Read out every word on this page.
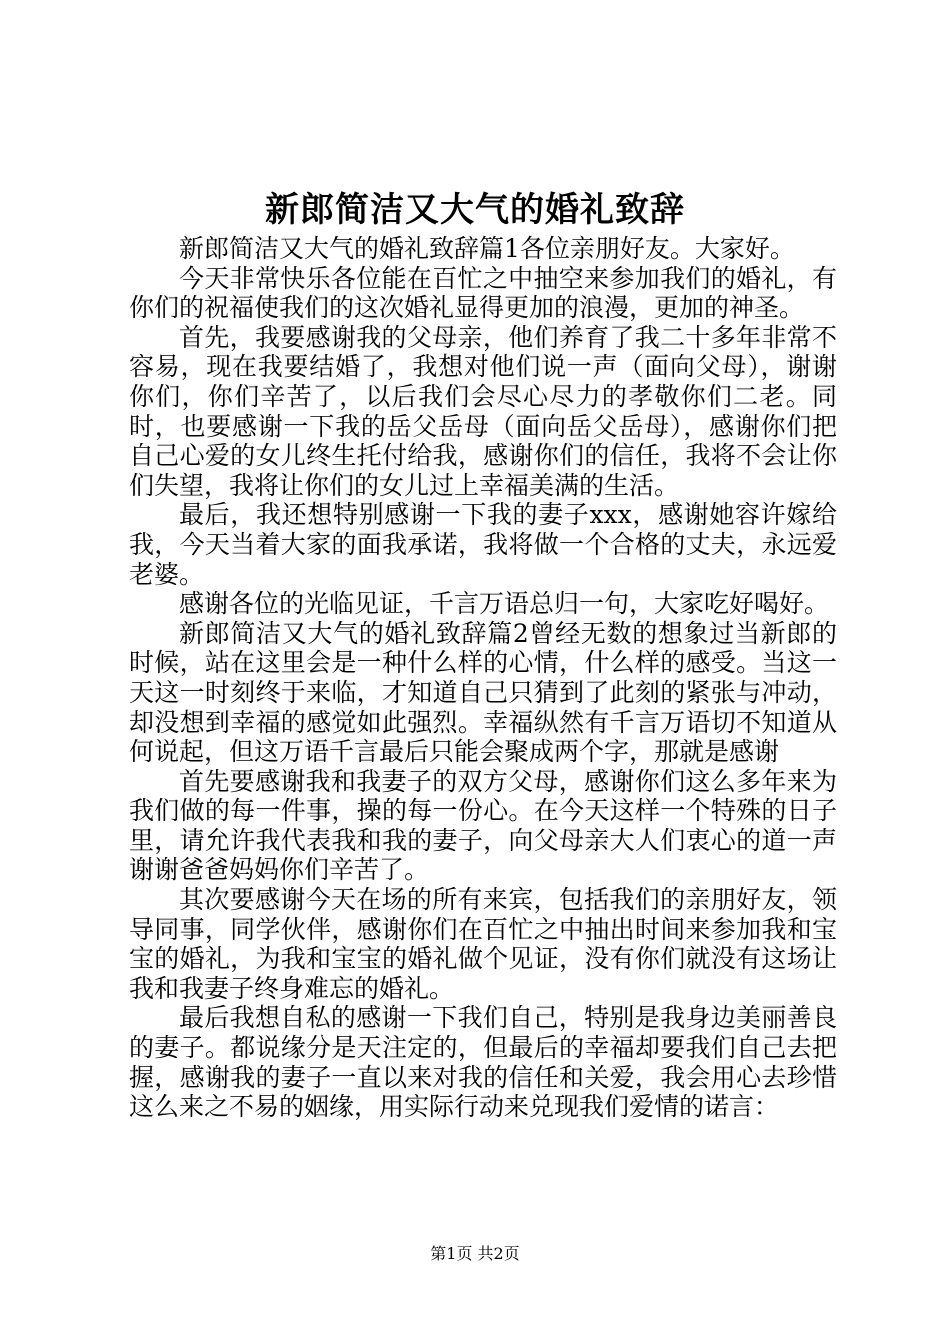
新郎简洁又大气的婚礼致辞

新郎简洁又大气的婚礼致辞篇1各位亲朋好友。大家好。

今天非常快乐各位能在百忙之中抽空来参加我们的婚礼，有你们的祝福使我们的这次婚礼显得更加的浪漫，更加的神圣。

首先，我要感谢我的父母亲，他们养育了我二十多年非常不容易，现在我要结婚了，我想对他们说一声（面向父母），谢谢你们，你们辛苦了，以后我们会尽心尽力的孝敬你们二老。同时，也要感谢一下我的岳父岳母（面向岳父岳母），感谢你们把自己心爱的女儿终生托付给我，感谢你们的信任，我将不会让你们失望，我将让你们的女儿过上幸福美满的生活。

最后，我还想特别感谢一下我的妻子xxx，感谢她容许嫁给我，今天当着大家的面我承诺，我将做一个合格的丈夫，永远爱老婆。

感谢各位的光临见证，千言万语总归一句，大家吃好喝好。

新郎简洁又大气的婚礼致辞篇2曾经无数的想象过当新郎的时候，站在这里会是一种什么样的心情，什么样的感受。当这一天这一时刻终于来临，才知道自己只猜到了此刻的紧张与冲动，却没想到幸福的感觉如此强烈。幸福纵然有千言万语切不知道从何说起，但这万语千言最后只能会聚成两个字，那就是感谢

首先要感谢我和我妻子的双方父母，感谢你们这么多年来为我们做的每一件事，操的每一份心。在今天这样一个特殊的日子里，请允许我代表我和我的妻子，向父母亲大人们衷心的道一声谢谢爸爸妈妈你们辛苦了。

其次要感谢今天在场的所有来宾，包括我们的亲朋好友，领导同事，同学伙伴，感谢你们在百忙之中抽出时间来参加我和宝宝的婚礼，为我和宝宝的婚礼做个见证，没有你们就没有这场让我和我妻子终身难忘的婚礼。

最后我想自私的感谢一下我们自己，特别是我身边美丽善良的妻子。都说缘分是天注定的，但最后的幸福却要我们自己去把握，感谢我的妻子一直以来对我的信任和关爱，我会用心去珍惜这么来之不易的姻缘，用实际行动来兑现我们爱情的诺言：

第1页 共2页
